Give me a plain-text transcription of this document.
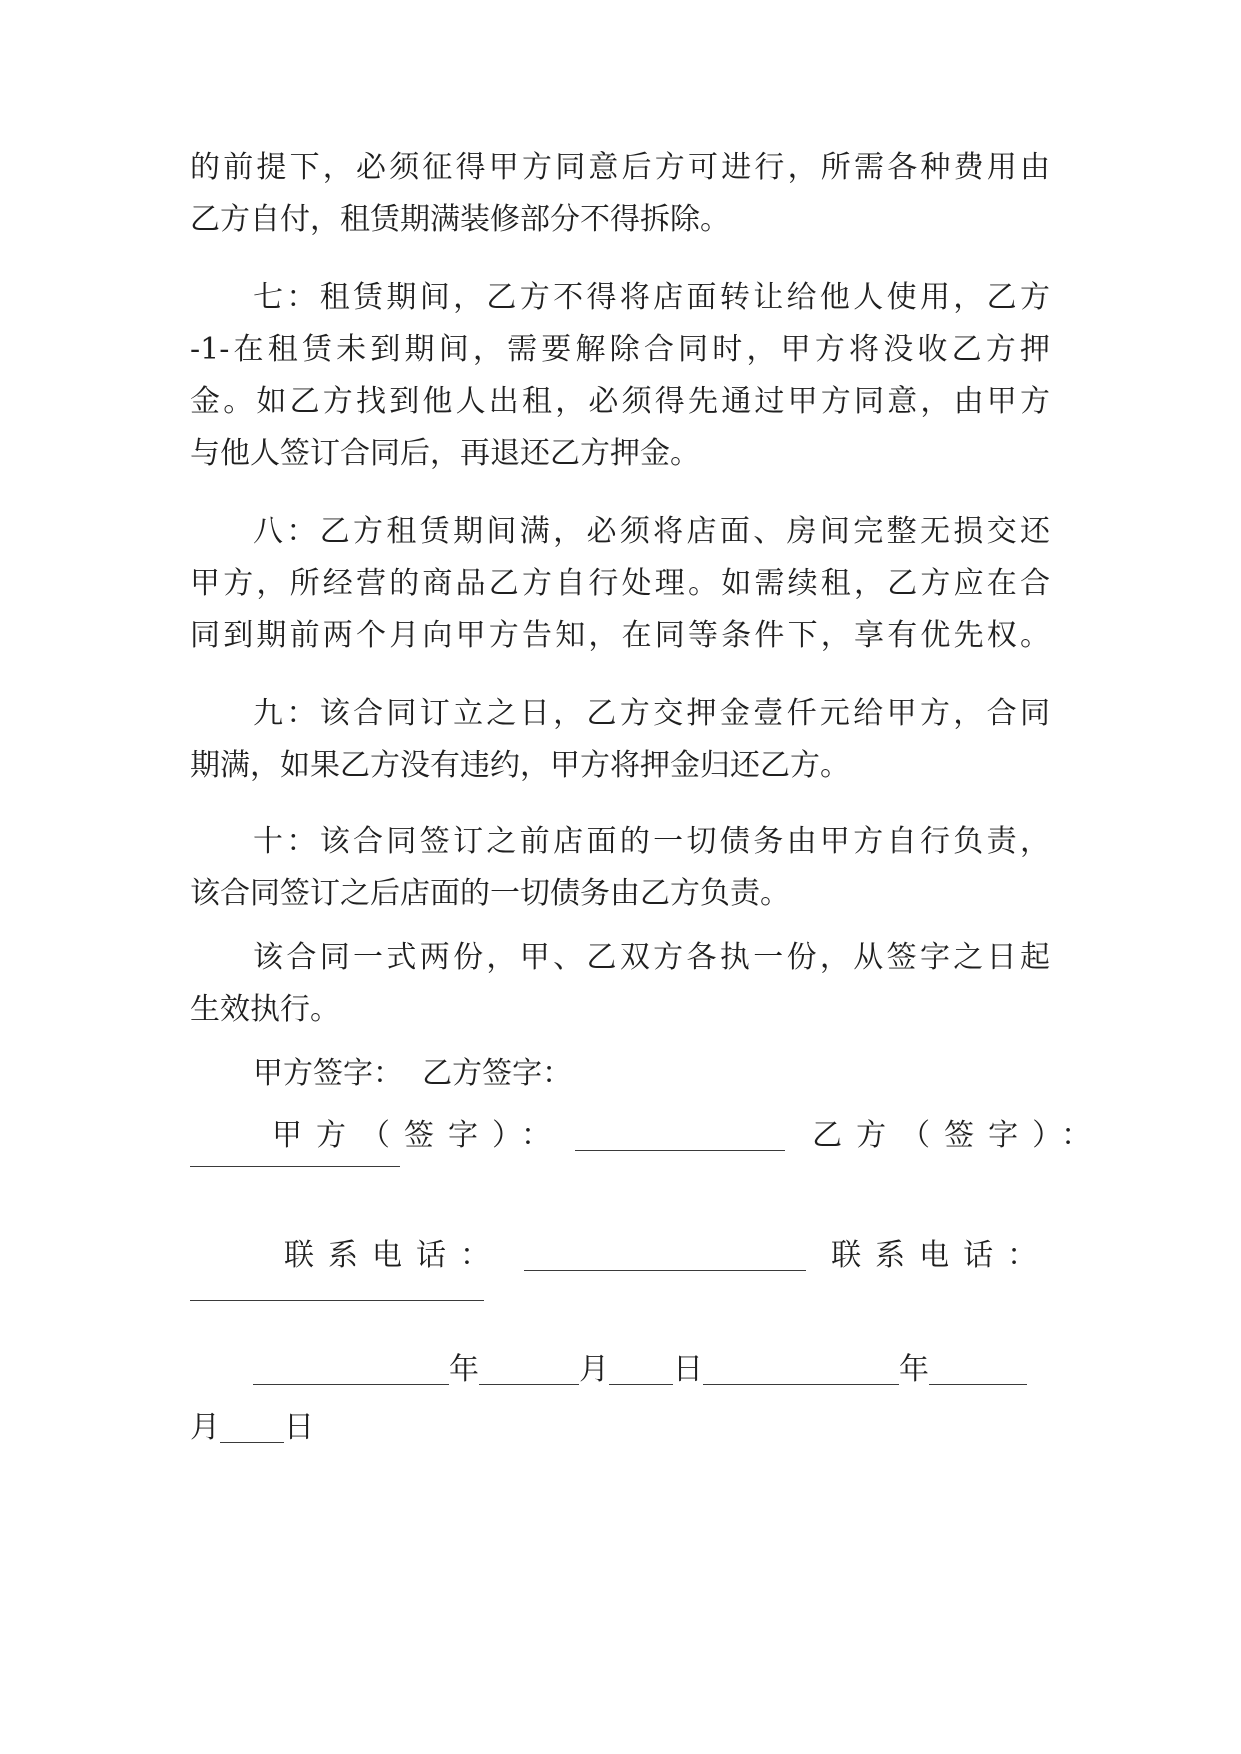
的前提下，必须征得甲方同意后方可进行，所需各种费用由
乙方自付，租赁期满装修部分不得拆除。
七：租赁期间，乙方不得将店面转让给他人使用，乙方
-1-在租赁未到期间，需要解除合同时，甲方将没收乙方押
金。如乙方找到他人出租，必须得先通过甲方同意，由甲方
与他人签订合同后，再退还乙方押金。
八：乙方租赁期间满，必须将店面、房间完整无损交还
甲方，所经营的商品乙方自行处理。如需续租，乙方应在合
同到期前两个月向甲方告知，在同等条件下，享有优先权。
九：该合同订立之日，乙方交押金壹仟元给甲方，合同
期满，如果乙方没有违约，甲方将押金归还乙方。
十：该合同签订之前店面的一切债务由甲方自行负责，
该合同签订之后店面的一切债务由乙方负责。
该合同一式两份，甲、乙双方各执一份，从签字之日起
生效执行。
甲方签字：  乙方签字：
甲方（签字）：	乙方（签字）：
联系电话：	联系电话：
年	月 日	年
月 日
